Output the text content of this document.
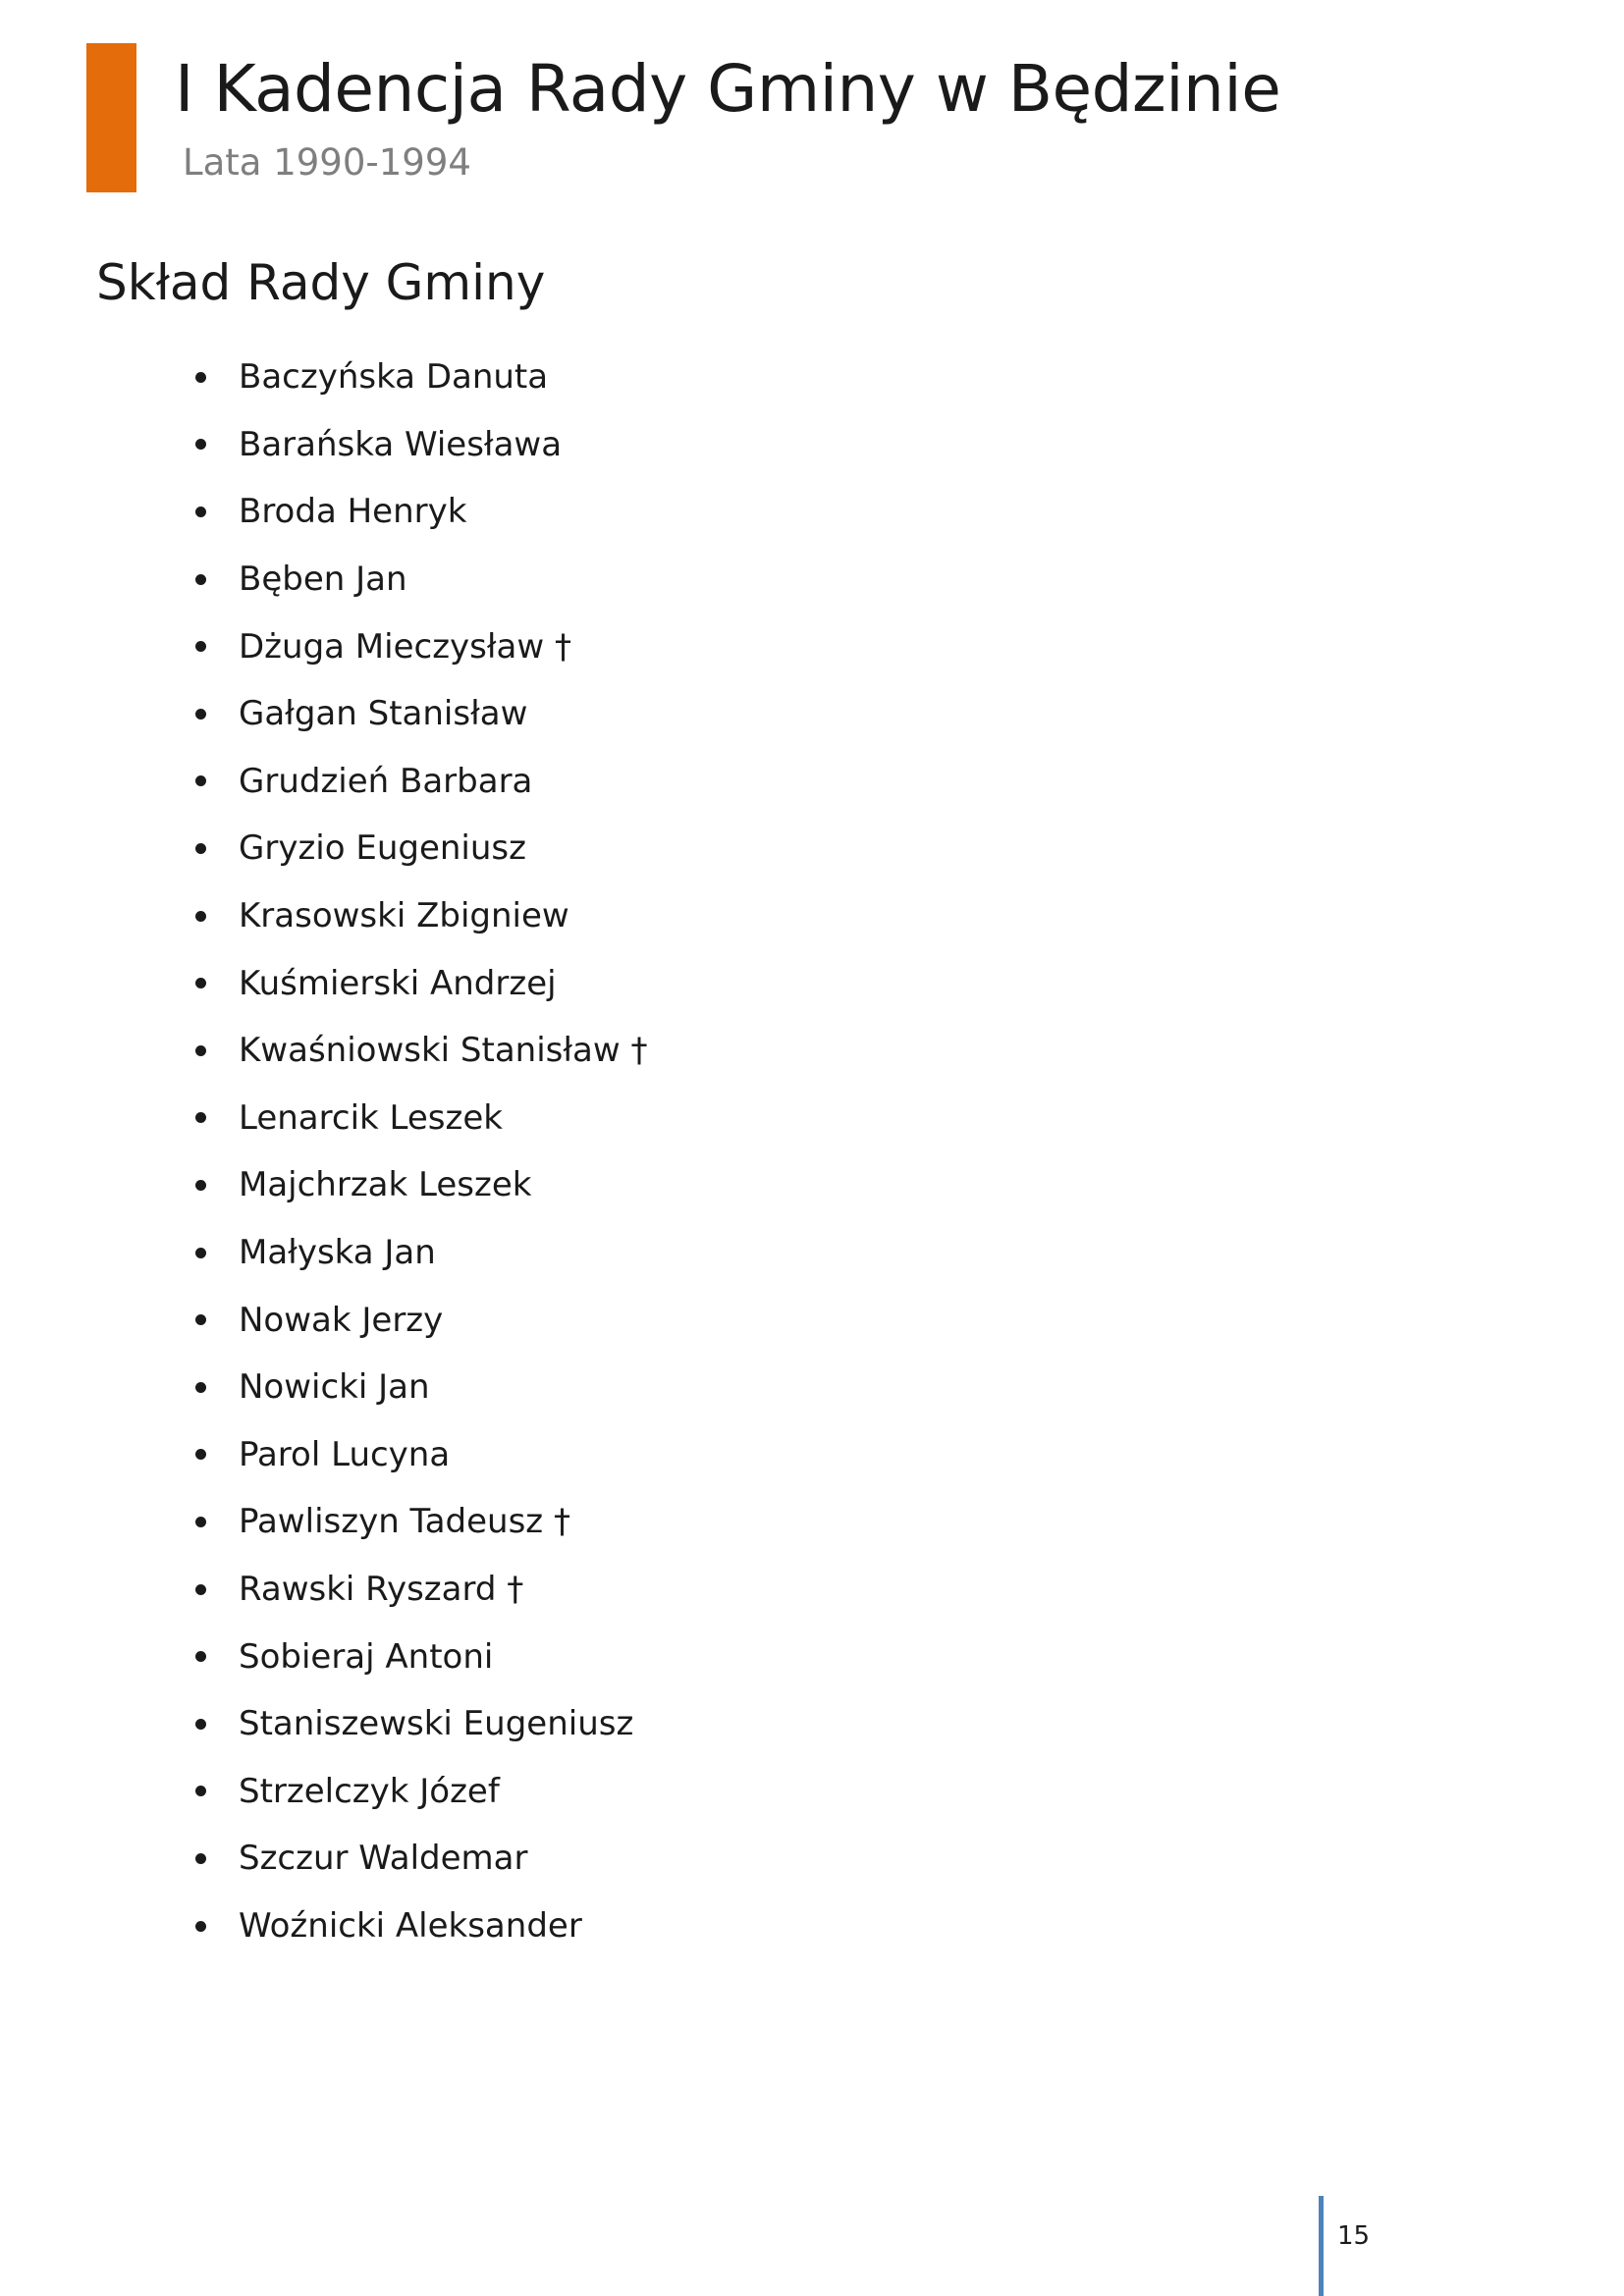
I Kadencja Rady Gminy w Będzinie

Lata 1990-1994

Skład Rady Gminy
Baczyńska Danuta
Barańska Wiesława
Broda Henryk
Bęben Jan
Dżuga Mieczysław †
Gałgan Stanisław
Grudzień Barbara
Gryzio Eugeniusz
Krasowski Zbigniew
Kuśmierski Andrzej
Kwaśniowski Stanisław †
Lenarcik Leszek
Majchrzak Leszek
Małyska Jan
Nowak Jerzy
Nowicki Jan
Parol Lucyna
Pawliszyn Tadeusz †
Rawski Ryszard †
Sobieraj Antoni
Staniszewski Eugeniusz
Strzelczyk Józef
Szczur Waldemar
Woźnicki Aleksander
15
